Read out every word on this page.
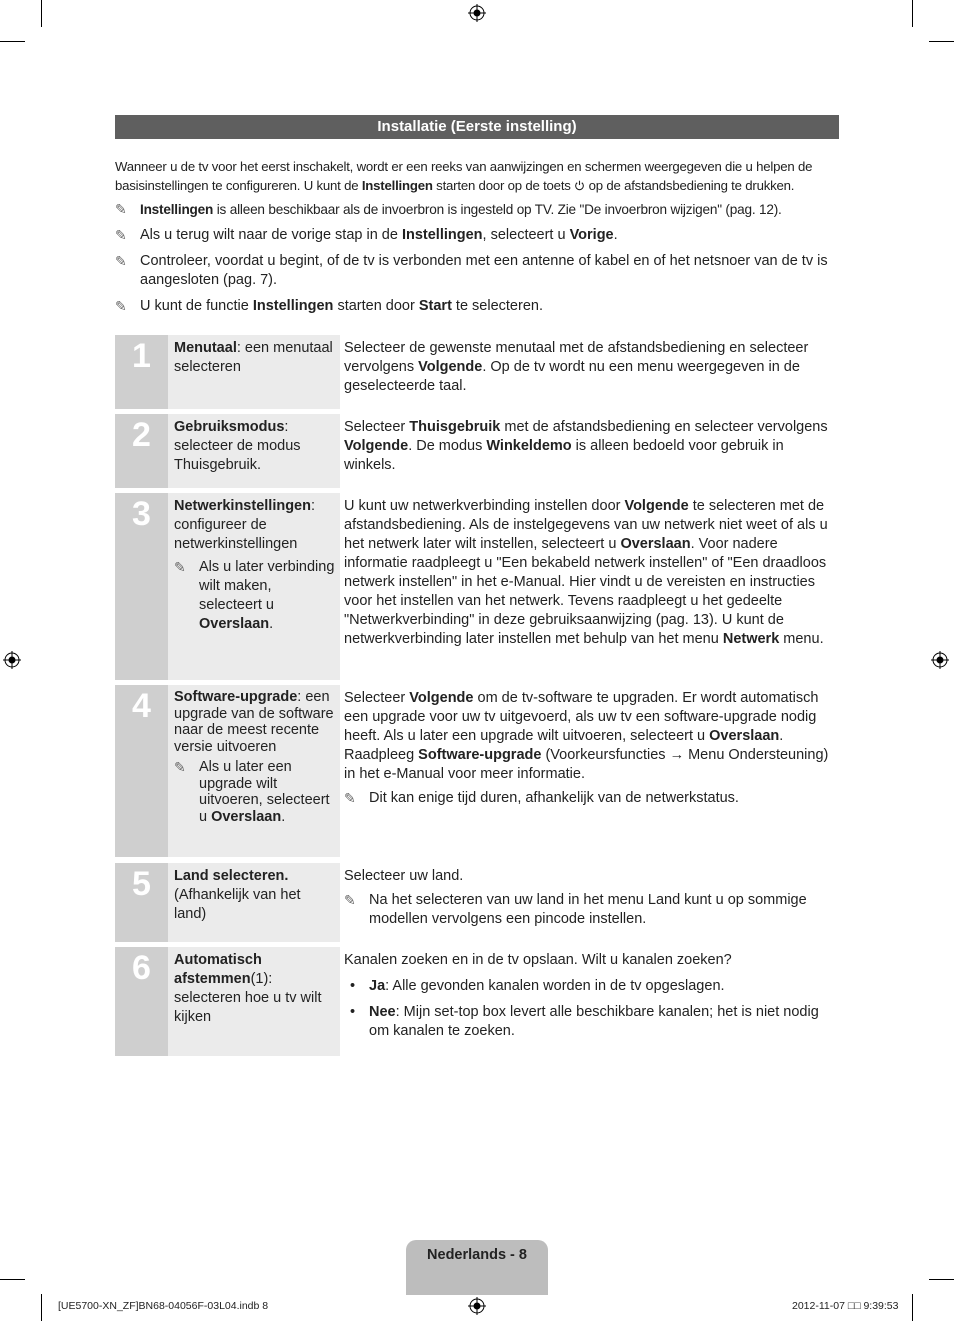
Installatie (Eerste instelling)
Wanneer u de tv voor het eerst inschakelt, wordt er een reeks van aanwijzingen en schermen weergegeven die u helpen de basisinstellingen te configureren. U kunt de Instellingen starten door op de toets  op de afstandsbediening te drukken.
✎ Instellingen is alleen beschikbaar als de invoerbron is ingesteld op TV. Zie "De invoerbron wijzigen" (pag. 12).
✎ Als u terug wilt naar de vorige stap in de Instellingen, selecteert u Vorige.
✎ Controleer, voordat u begint, of de tv is verbonden met een antenne of kabel en of het netsnoer van de tv is aangesloten (pag. 7).
✎ U kunt de functie Instellingen starten door Start te selecteren.
1	Menutaal: een menutaal selecteren
Selecteer de gewenste menutaal met de afstandsbediening en selecteer vervolgens Volgende. Op de tv wordt nu een menu weergegeven in de geselecteerde taal.
2	Gebruiksmodus: selecteer de modus Thuisgebruik.
Selecteer Thuisgebruik met de afstandsbediening en selecteer vervolgens Volgende. De modus Winkeldemo is alleen bedoeld voor gebruik in winkels.
3	Netwerkinstellingen: configureer de netwerkinstellingen
✎ Als u later verbinding wilt maken, selecteert u Overslaan.
U kunt uw netwerkverbinding instellen door Volgende te selecteren met de afstandsbediening. Als de instelgegevens van uw netwerk niet weet of als u het netwerk later wilt instellen, selecteert u Overslaan. Voor nadere informatie raadpleegt u "Een bekabeld netwerk instellen" of "Een draadloos netwerk instellen" in het e-Manual. Hier vindt u de vereisten en instructies voor het instellen van het netwerk. Tevens raadpleegt u het gedeelte "Netwerkverbinding" in deze gebruiksaanwijzing (pag. 13). U kunt de netwerkverbinding later instellen met behulp van het menu Netwerk menu.
4	Software-upgrade: een upgrade van de software naar de meest recente versie uitvoeren
✎ Als u later een upgrade wilt uitvoeren, selecteert u Overslaan.
Selecteer Volgende om de tv-software te upgraden. Er wordt automatisch een upgrade voor uw tv uitgevoerd, als uw tv een software-upgrade nodig heeft. Als u later een upgrade wilt uitvoeren, selecteert u Overslaan. Raadpleeg Software-upgrade (Voorkeursfuncties → Menu Ondersteuning) in het e-Manual voor meer informatie.
✎ Dit kan enige tijd duren, afhankelijk van de netwerkstatus.
5	Land selecteren. (Afhankelijk van het land)
Selecteer uw land.
✎ Na het selecteren van uw land in het menu Land kunt u op sommige modellen vervolgens een pincode instellen.
6	Automatisch afstemmen(1): selecteren hoe u tv wilt kijken
Kanalen zoeken en in de tv opslaan. Wilt u kanalen zoeken?
• Ja: Alle gevonden kanalen worden in de tv opgeslagen.
• Nee: Mijn set-top box levert alle beschikbare kanalen; het is niet nodig om kanalen te zoeken.
Nederlands - 8
[UE5700-XN_ZF]BN68-04056F-03L04.indb 8	2012-11-07 □□ 9:39:53
